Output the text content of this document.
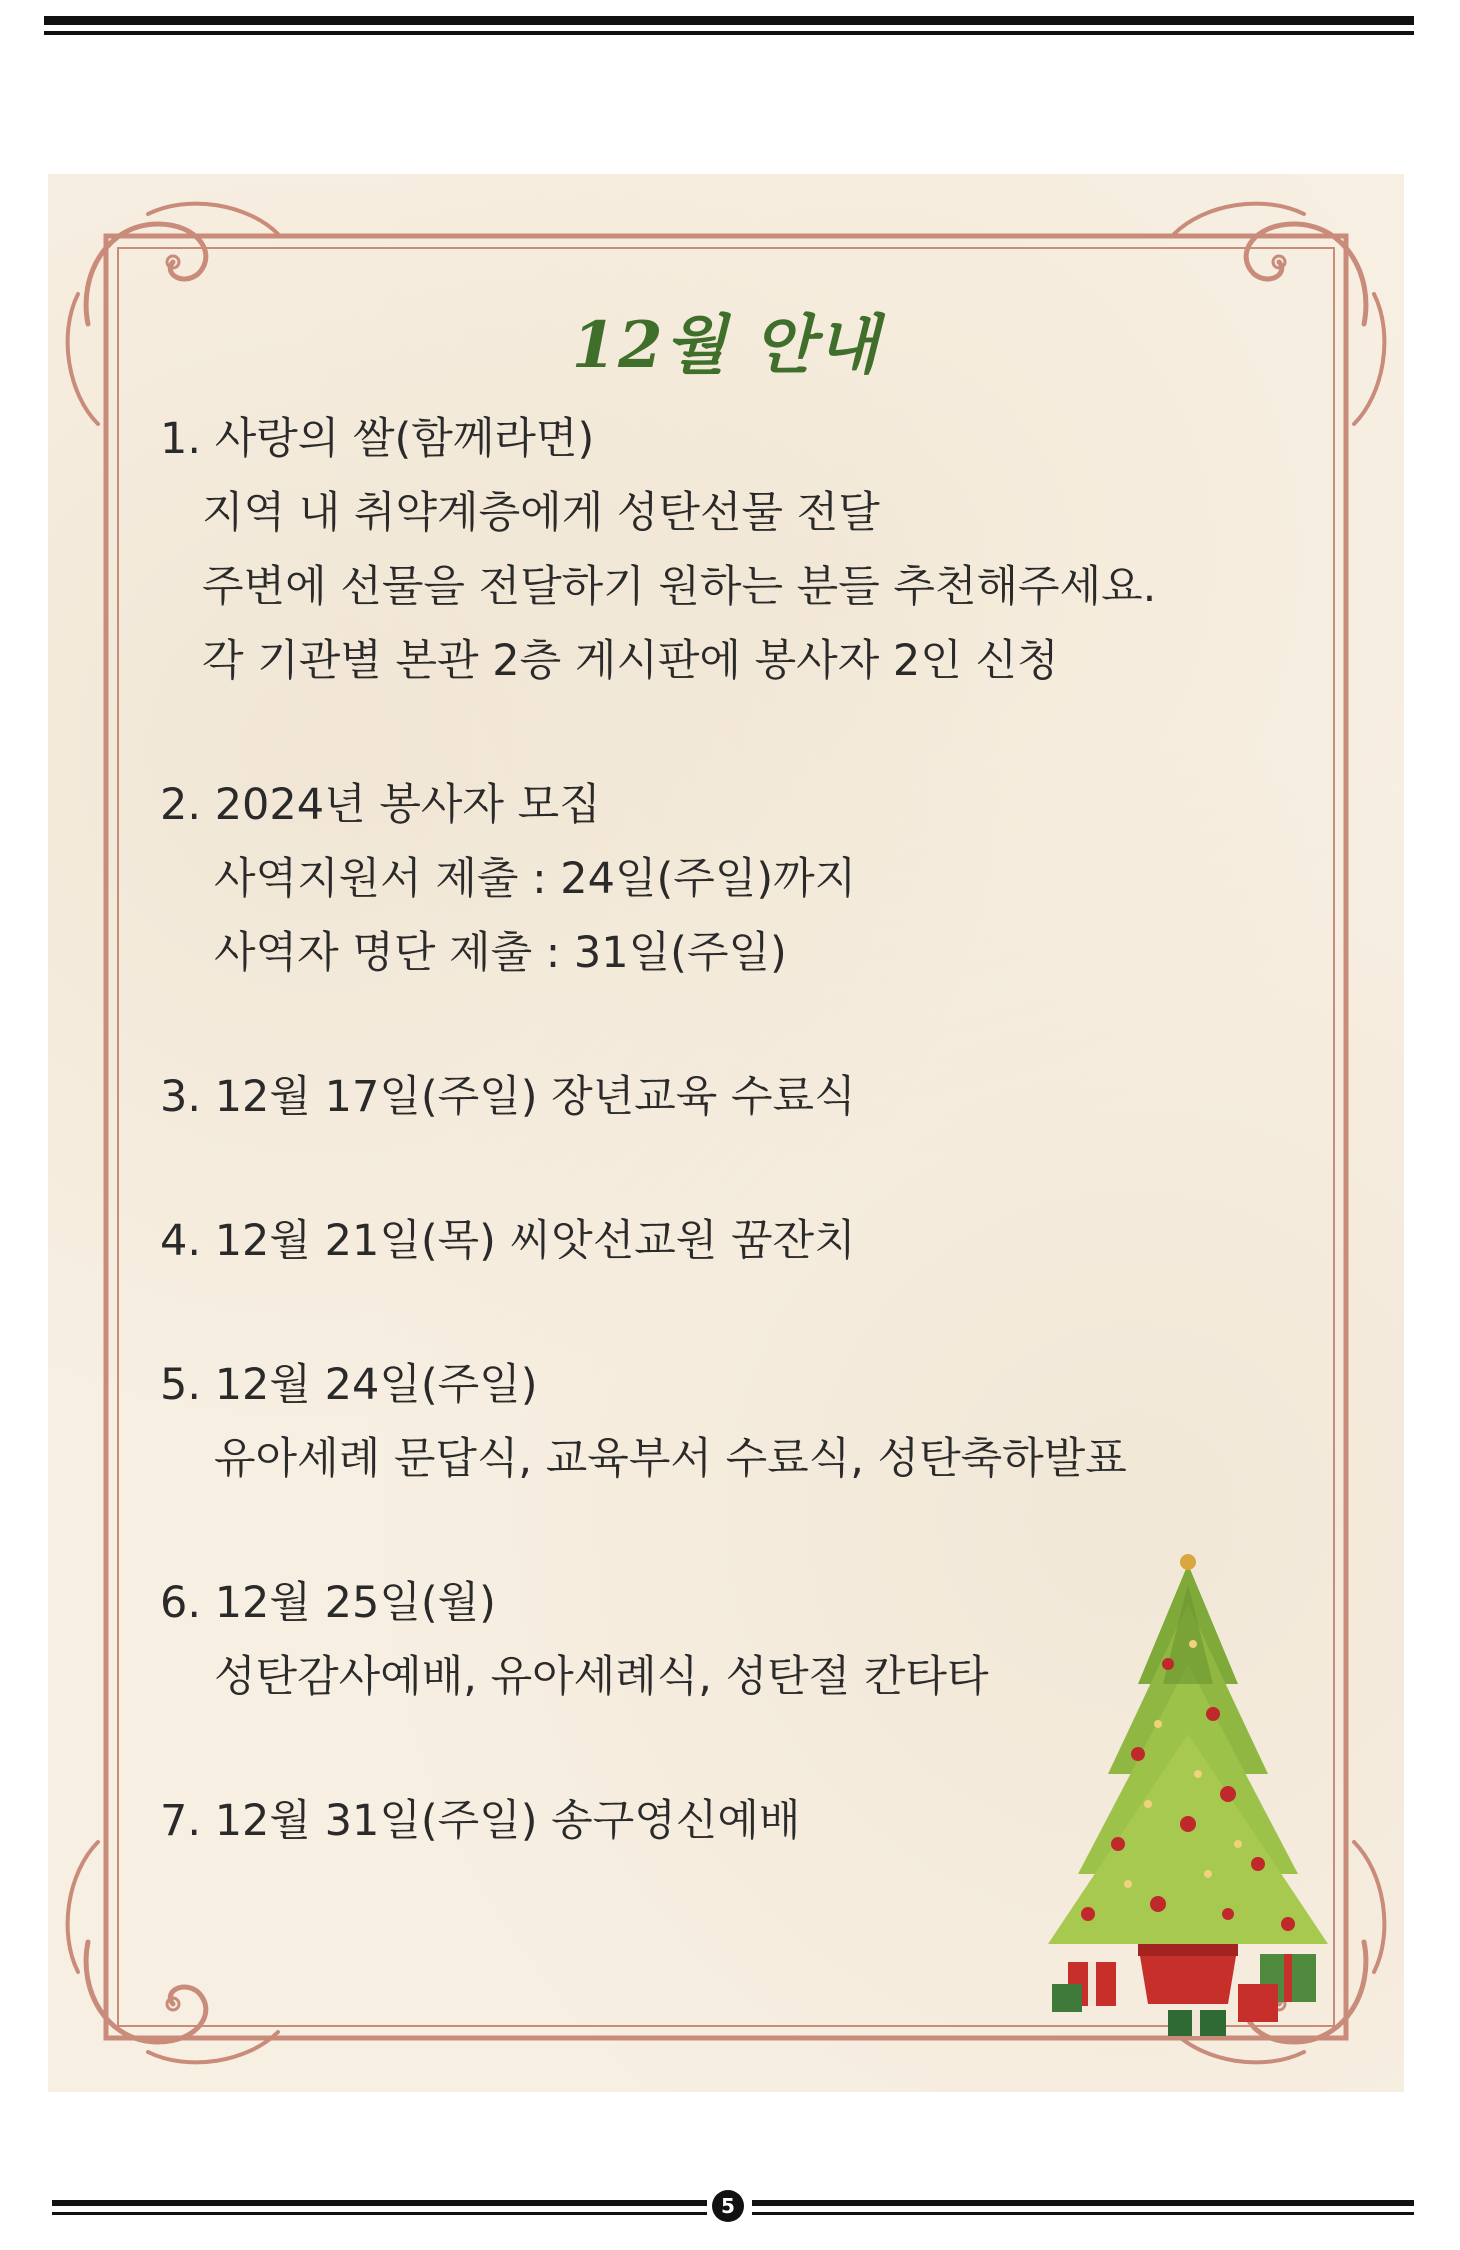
12월 안내
1. 사랑의 쌀(함께라면)
지역 내 취약계층에게 성탄선물 전달
주변에 선물을 전달하기 원하는 분들 추천해주세요.
각 기관별 본관 2층 게시판에 봉사자 2인 신청
2. 2024년 봉사자 모집
사역지원서 제출 : 24일(주일)까지
사역자 명단 제출 : 31일(주일)
3. 12월 17일(주일) 장년교육 수료식
4. 12월 21일(목) 씨앗선교원 꿈잔치
5. 12월 24일(주일)
유아세례 문답식, 교육부서 수료식, 성탄축하발표
6. 12월 25일(월)
성탄감사예배, 유아세례식, 성탄절 칸타타
7. 12월 31일(주일) 송구영신예배
5
